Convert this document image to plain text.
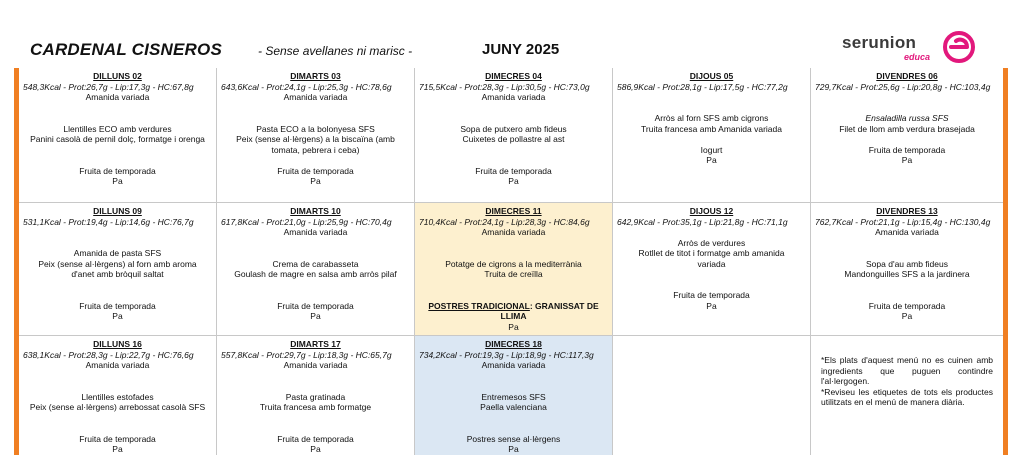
CARDENAL CISNEROS	- Sense avellanes ni marisc -	JUNY 2025	serunion
educa
DILLUNS 02
548,3Kcal - Prot:26,7g - Lip:17,3g - HC:67,8g
Amanida variada
Llentilles ECO amb verdures
Panini casolà de pernil dolç, formatge i orenga
Fruita de temporada
Pa
DIMARTS 03
643,6Kcal - Prot:24,1g - Lip:25,3g - HC:78,6g
Amanida variada
Pasta ECO a la bolonyesa SFS
Peix (sense al·lèrgens) a la biscaïna (amb
tomata, pebrera i ceba)
Fruita de temporada
Pa
DIMECRES 04
715,5Kcal - Prot:28,3g - Lip:30,5g - HC:73,0g
Amanida variada
Sopa de putxero amb fideus
Cuixetes de pollastre al ast
Fruita de temporada
Pa
DIJOUS 05
586,9Kcal - Prot:28,1g - Lip:17,5g - HC:77,2g
Arròs al forn SFS amb cigrons
Truita francesa amb Amanida variada
Iogurt
Pa
DIVENDRES 06
729,7Kcal - Prot:25,6g - Lip:20,8g - HC:103,4g
Ensaladilla russa SFS
Filet de llom amb verdura brasejada
Fruita de temporada
Pa
DILLUNS 09
531,1Kcal - Prot:19,4g - Lip:14,6g - HC:76,7g
Amanida de pasta SFS
Peix (sense al·lèrgens) al forn amb aroma
d'anet amb bròquil saltat
Fruita de temporada
Pa
DIMARTS 10
617,8Kcal - Prot:21,0g - Lip:25,9g - HC:70,4g
Amanida variada
Crema de carabasseta
Goulash de magre en salsa amb arròs pilaf
Fruita de temporada
Pa
DIMECRES 11
710,4Kcal - Prot:24,1g - Lip:28,3g - HC:84,6g
Amanida variada
Potatge de cigrons a la mediterrània
Truita de creïlla
POSTRES TRADICIONAL: GRANISSAT DE
LLIMA
Pa
DIJOUS 12
642,9Kcal - Prot:35,1g - Lip:21,8g - HC:71,1g
Arròs de verdures
Rotllet de titot i formatge amb amanida
variada
Fruita de temporada
Pa
DIVENDRES 13
762,7Kcal - Prot:21,1g - Lip:15,4g - HC:130,4g
Amanida variada
Sopa d'au amb fideus
Mandonguilles SFS a la jardinera
Fruita de temporada
Pa
DILLUNS 16
638,1Kcal - Prot:28,3g - Lip:22,7g - HC:76,6g
Amanida variada
Llentilles estofades
Peix (sense al·lèrgens) arrebossat casolà SFS
Fruita de temporada
Pa
DIMARTS 17
557,8Kcal - Prot:29,7g - Lip:18,3g - HC:65,7g
Amanida variada
Pasta gratinada
Truita francesa amb formatge
Fruita de temporada
Pa
DIMECRES 18
734,2Kcal - Prot:19,3g - Lip:18,9g - HC:117,3g
Amanida variada
Entremesos SFS
Paella valenciana
Postres sense al·lèrgens
Pa
*Els plats d'aquest menú no es cuinen amb ingredients que puguen contindre l'al·lergogen.
*Reviseu les etiquetes de tots els productes utilitzats en el menú de manera diària.
